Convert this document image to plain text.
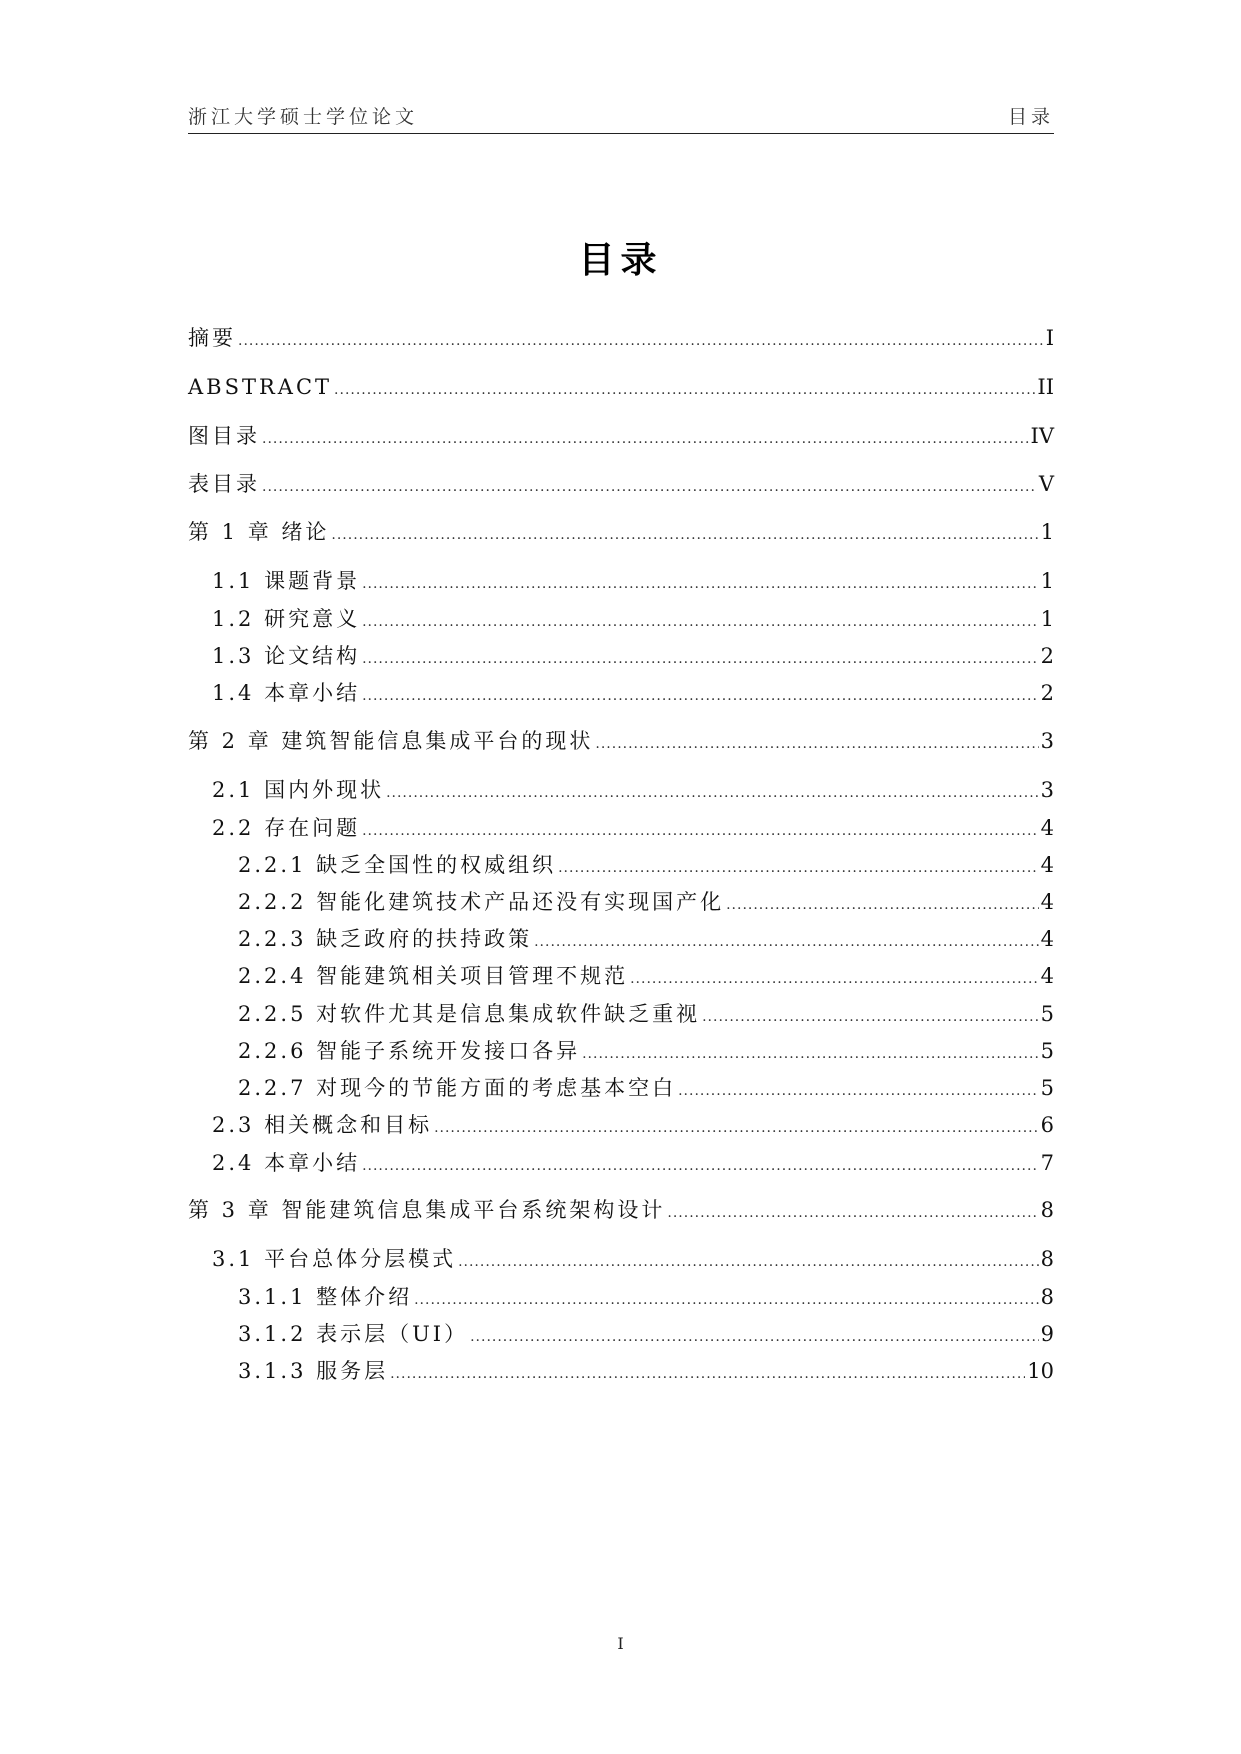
浙江大学硕士学位论文	目录
目录
摘要 .....	I
ABSTRACT .....	II
图目录 .....	IV
表目录 .....	V
第 1 章 绪论 .....	1
1.1 课题背景 .....	1
1.2 研究意义 .....	1
1.3 论文结构 .....	2
1.4 本章小结 .....	2
第 2 章 建筑智能信息集成平台的现状 .....	3
2.1 国内外现状 .....	3
2.2 存在问题 .....	4
2.2.1 缺乏全国性的权威组织 .....	4
2.2.2 智能化建筑技术产品还没有实现国产化 .....	4
2.2.3 缺乏政府的扶持政策 .....	4
2.2.4 智能建筑相关项目管理不规范 .....	4
2.2.5 对软件尤其是信息集成软件缺乏重视 .....	5
2.2.6 智能子系统开发接口各异 .....	5
2.2.7 对现今的节能方面的考虑基本空白 .....	5
2.3 相关概念和目标 .....	6
2.4 本章小结 .....	7
第 3 章 智能建筑信息集成平台系统架构设计 .....	8
3.1 平台总体分层模式 .....	8
3.1.1 整体介绍 .....	8
3.1.2 表示层（UI） .....	9
3.1.3 服务层 .....	10
I
